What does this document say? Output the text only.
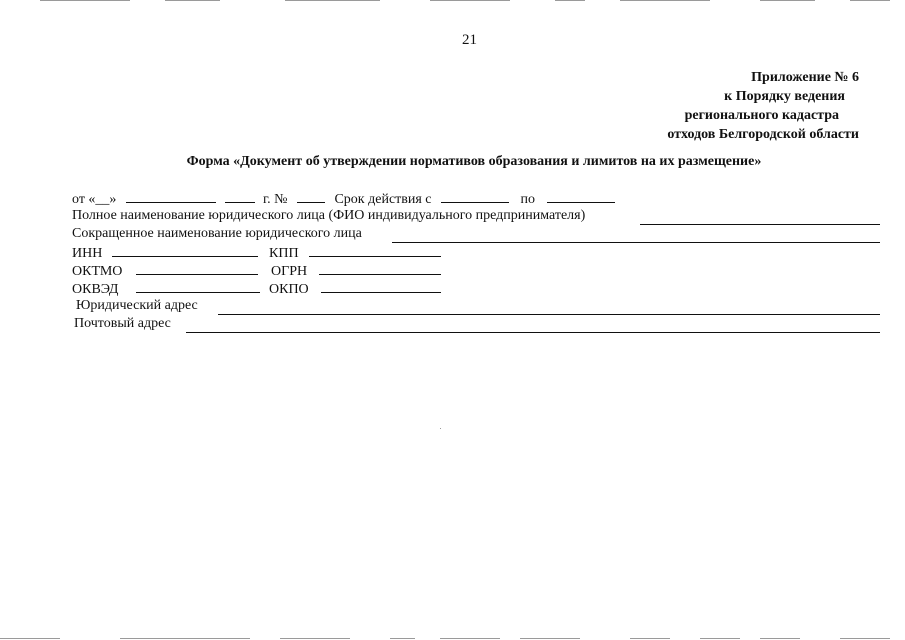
21
Приложение № 6
к Порядку ведения
регионального кадастра
отходов Белгородской области
Форма «Документ об утверждении нормативов образования и лимитов на их размещение»
от «__»	г. №	Срок действия с	по
Полное наименование юридического лица (ФИО индивидуального предпринимателя)
Сокращенное наименование юридического лица
ИНН	КПП
ОКТМО	ОГРН
ОКВЭД	ОКПО
Юридический адрес
Почтовый адрес
